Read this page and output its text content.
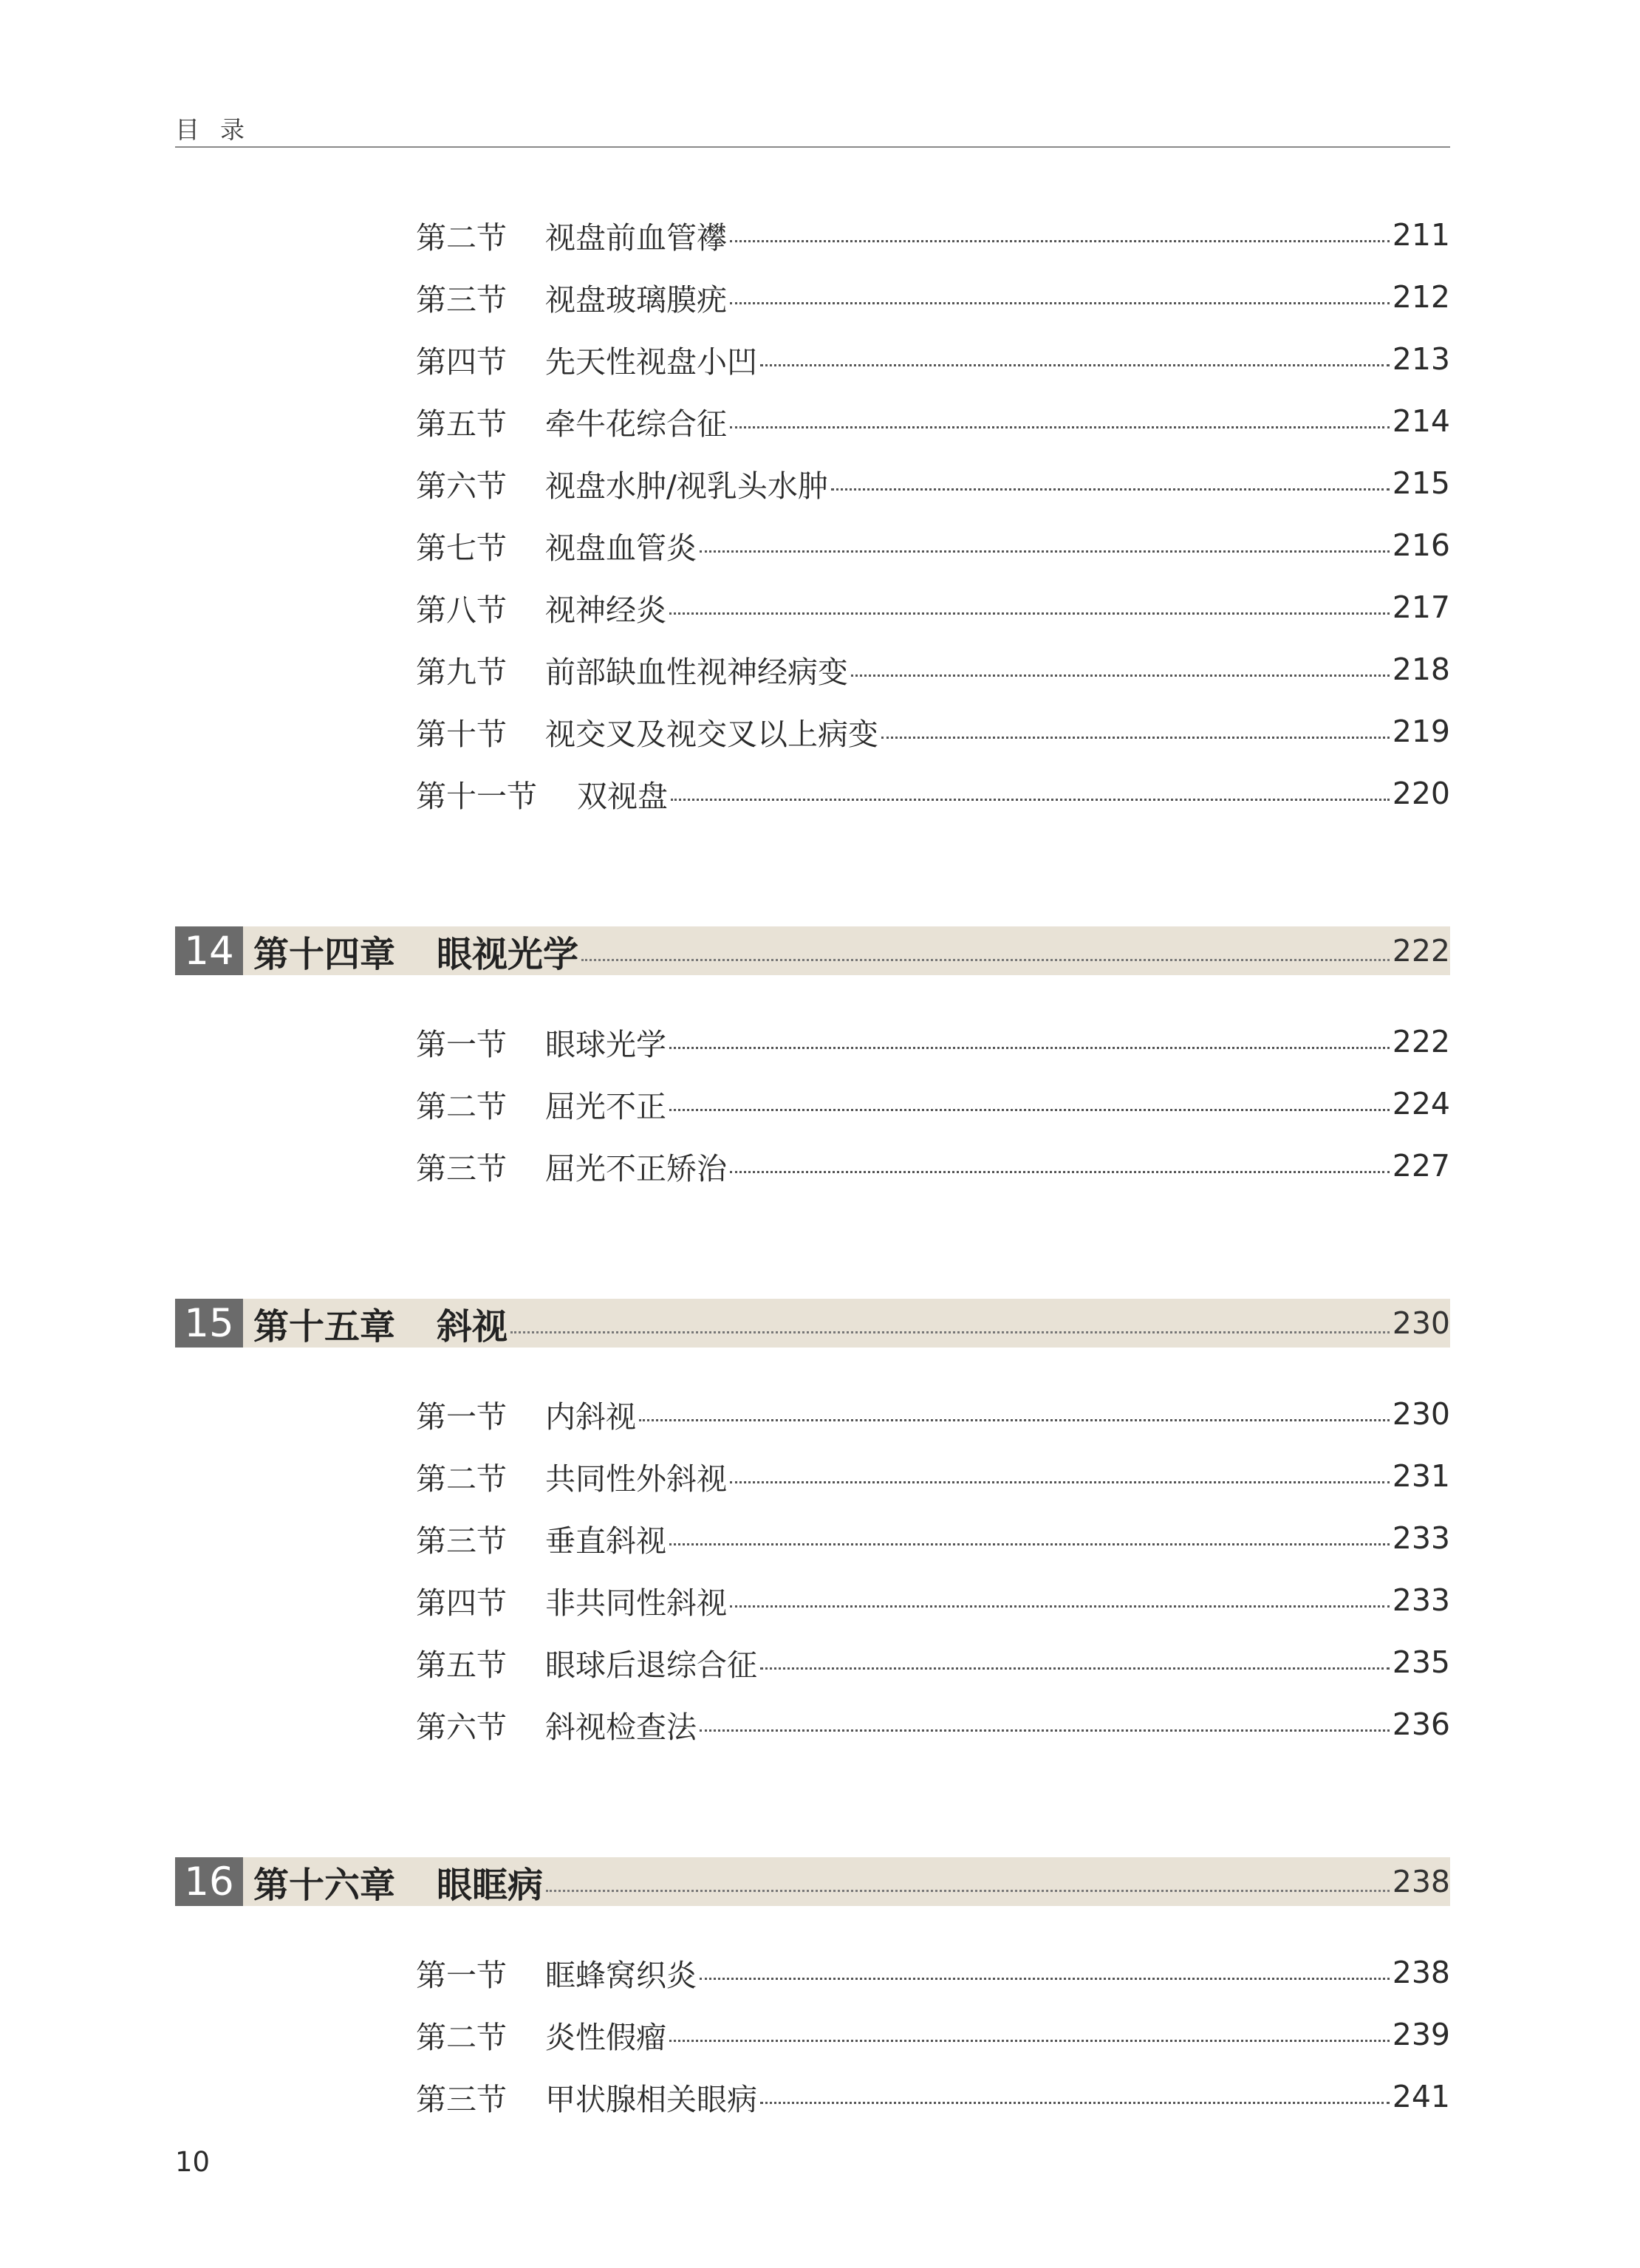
目录
第二节	视盘前血管襻	211
第三节	视盘玻璃膜疣	212
第四节	先天性视盘小凹	213
第五节	牵牛花综合征	214
第六节	视盘水肿/视乳头水肿	215
第七节	视盘血管炎	216
第八节	视神经炎	217
第九节	前部缺血性视神经病变	218
第十节	视交叉及视交叉以上病变	219
第十一节	双视盘	220
14 第十四章 眼视光学	222
第一节	眼球光学	222
第二节	屈光不正	224
第三节	屈光不正矫治	227
15 第十五章 斜视	230
第一节	内斜视	230
第二节	共同性外斜视	231
第三节	垂直斜视	233
第四节	非共同性斜视	233
第五节	眼球后退综合征	235
第六节	斜视检查法	236
16 第十六章 眼眶病	238
第一节	眶蜂窝织炎	238
第二节	炎性假瘤	239
第三节	甲状腺相关眼病	241
10
